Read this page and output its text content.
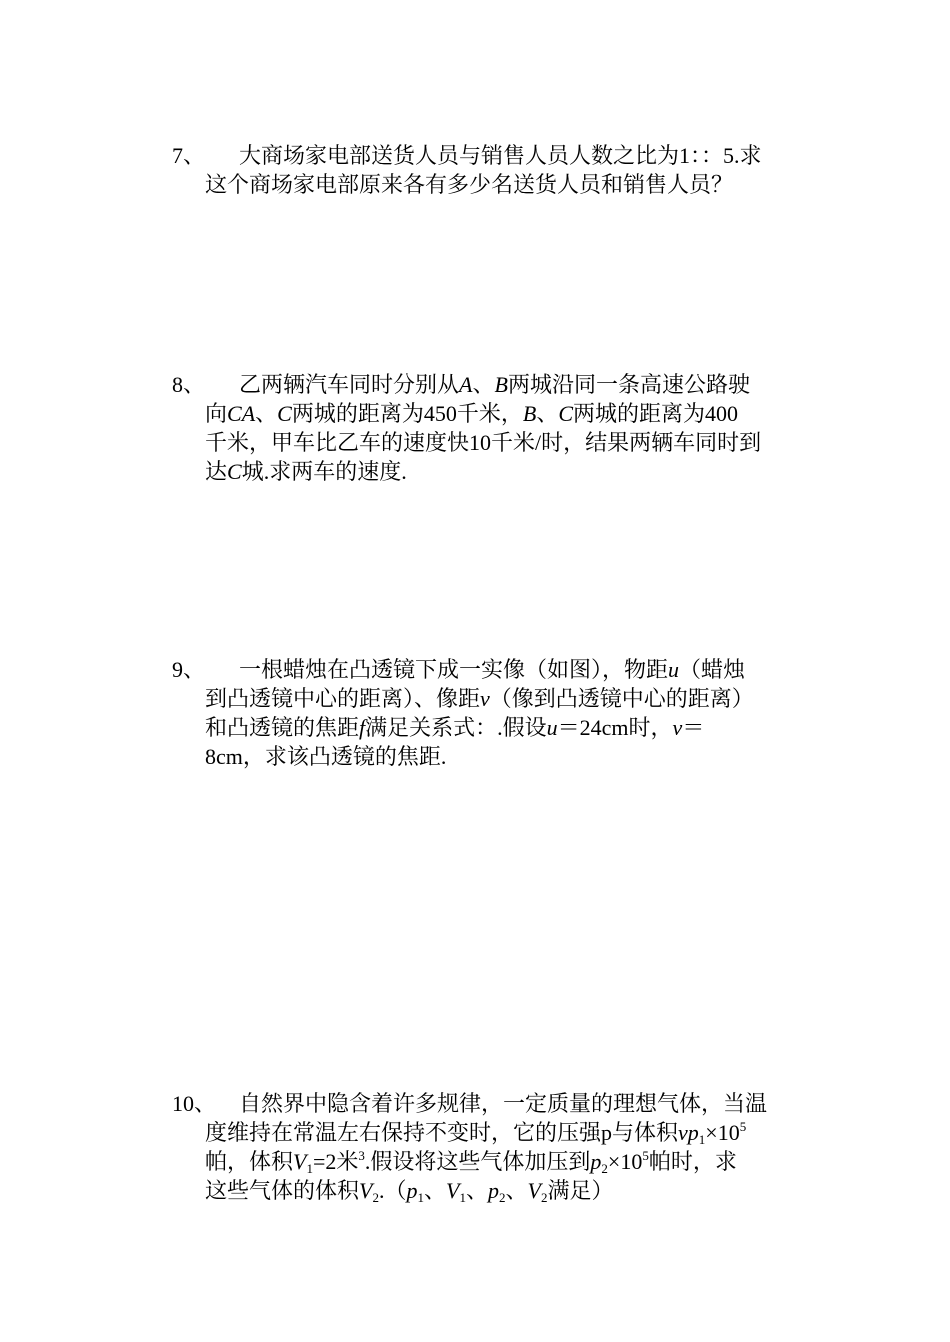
7、	大商场家电部送货人员与销售人员人数之比为1：：5.求
这个商场家电部原来各有多少名送货人员和销售人员？
8、	乙两辆汽车同时分别从A、B两城沿同一条高速公路驶
向CA、C两城的距离为450千米，B、C两城的距离为400
千米，甲车比乙车的速度快10千米/时，结果两辆车同时到
达C城.求两车的速度.
9、	一根蜡烛在凸透镜下成一实像（如图），物距u（蜡烛
到凸透镜中心的距离）、像距v（像到凸透镜中心的距离）
和凸透镜的焦距f满足关系式：.假设u＝24cm时，v＝
8cm，求该凸透镜的焦距.
10、	自然界中隐含着许多规律，一定质量的理想气体，当温
度维持在常温左右保持不变时，它的压强p与体积$vp1\times 10^5$
帕，体积V1=2米$^3$.假设将这些气体加压到$p2\times 10^5$帕时，求
这些气体的体积V2.（p1、V1、p2、V2满足）
